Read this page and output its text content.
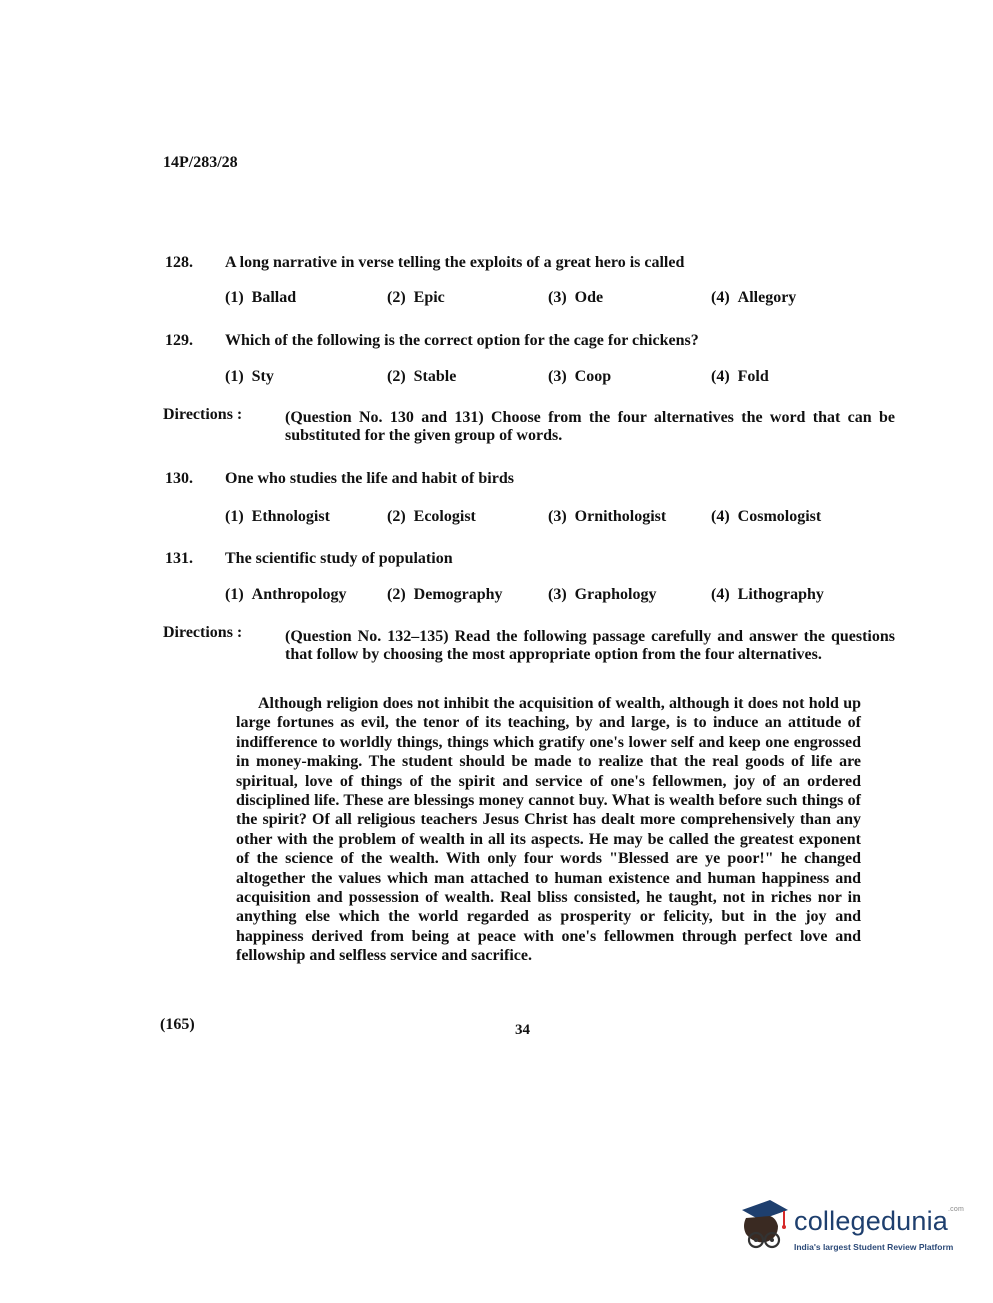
14P/283/28
128.	A long narrative in verse telling the exploits of a great hero is called
(1) Ballad	(2) Epic	(3) Ode	(4) Allegory
129.	Which of the following is the correct option for the cage for chickens?
(1) Sty	(2) Stable	(3) Coop	(4) Fold
Directions :	(Question No. 130 and 131) Choose from the four alternatives the word that can be substituted for the given group of words.
130.	One who studies the life and habit of birds
(1) Ethnologist	(2) Ecologist	(3) Ornithologist	(4) Cosmologist
131.	The scientific study of population
(1) Anthropology	(2) Demography	(3) Graphology	(4) Lithography
Directions :	(Question No. 132–135) Read the following passage carefully and answer the questions that follow by choosing the most appropriate option from the four alternatives.
Although religion does not inhibit the acquisition of wealth, although it does not hold up large fortunes as evil, the tenor of its teaching, by and large, is to induce an attitude of indifference to worldly things, things which gratify one's lower self and keep one engrossed in money-making. The student should be made to realize that the real goods of life are spiritual, love of things of the spirit and service of one's fellowmen, joy of an ordered disciplined life. These are blessings money cannot buy. What is wealth before such things of the spirit? Of all religious teachers Jesus Christ has dealt more comprehensively than any other with the problem of wealth in all its aspects. He may be called the greatest exponent of the science of the wealth. With only four words "Blessed are ye poor!" he changed altogether the values which man attached to human existence and human happiness and acquisition and possession of wealth. Real bliss consisted, he taught, not in riches nor in anything else which the world regarded as prosperity or felicity, but in the joy and happiness derived from being at peace with one's fellowmen through perfect love and fellowship and selfless service and sacrifice.
(165)	34
collegedunia$^{.com}$
India's largest Student Review Platform
